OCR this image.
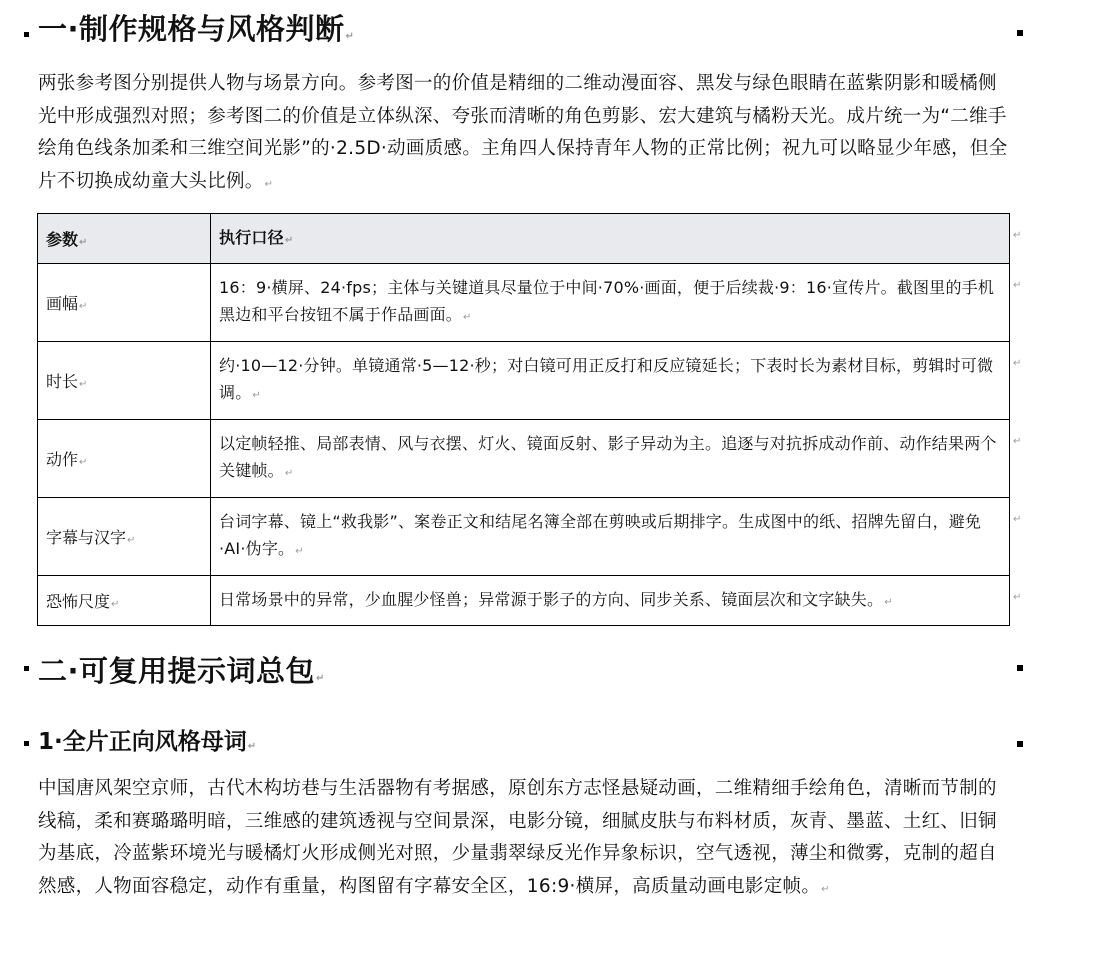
一·制作规格与风格判断↵
两张参考图分别提供人物与场景方向。参考图一的价值是精细的二维动漫面容、黑发与绿色眼睛在蓝紫阴影和暖橘侧光中形成强烈对照；参考图二的价值是立体纵深、夸张而清晰的角色剪影、宏大建筑与橘粉天光。成片统一为“二维手绘角色线条加柔和三维空间光影”的·2.5D·动画质感。主角四人保持青年人物的正常比例；祝九可以略显少年感，但全片不切换成幼童大头比例。↵
参数↵	执行口径↵
画幅↵	16：9·横屏、24·fps；主体与关键道具尽量位于中间·70%·画面，便于后续裁·9：16·宣传片。截图里的手机黑边和平台按钮不属于作品画面。↵
时长↵	约·10—12·分钟。单镜通常·5—12·秒；对白镜可用正反打和反应镜延长；下表时长为素材目标，剪辑时可微调。↵
动作↵	以定帧轻推、局部表情、风与衣摆、灯火、镜面反射、影子异动为主。追逐与对抗拆成动作前、动作结果两个关键帧。↵
字幕与汉字↵	台词字幕、镜上“救我影”、案卷正文和结尾名簿全部在剪映或后期排字。生成图中的纸、招牌先留白，避免·AI·伪字。↵
恐怖尺度↵	日常场景中的异常，少血腥少怪兽；异常源于影子的方向、同步关系、镜面层次和文字缺失。↵
↵
↵
↵
↵
↵
↵
二·可复用提示词总包↵
1·全片正向风格母词↵
中国唐风架空京师，古代木构坊巷与生活器物有考据感，原创东方志怪悬疑动画，二维精细手绘角色，清晰而节制的线稿，柔和赛璐璐明暗，三维感的建筑透视与空间景深，电影分镜，细腻皮肤与布料材质，灰青、墨蓝、土红、旧铜为基底，冷蓝紫环境光与暖橘灯火形成侧光对照，少量翡翠绿反光作异象标识，空气透视，薄尘和微雾，克制的超自然感，人物面容稳定，动作有重量，构图留有字幕安全区，16:9·横屏，高质量动画电影定帧。↵
